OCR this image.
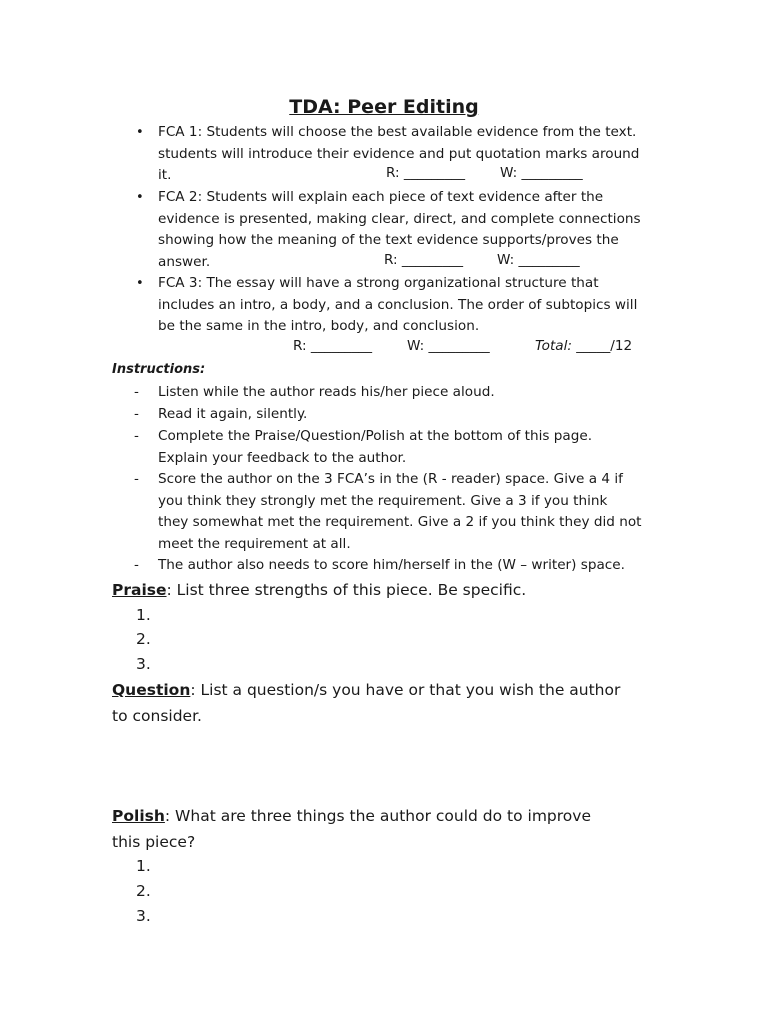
TDA: Peer Editing
• FCA 1: Students will choose the best available evidence from the text.
students will introduce their evidence and put quotation marks around
it.	R: _________	W: _________
• FCA 2: Students will explain each piece of text evidence after the
evidence is presented, making clear, direct, and complete connections
showing how the meaning of the text evidence supports/proves the
answer.	R: _________ W: _________
• FCA 3: The essay will have a strong organizational structure that
includes an intro, a body, and a conclusion. The order of subtopics will
be the same in the intro, body, and conclusion.
R: _________	W: _________	Total: _____/12
Instructions:
- Listen while the author reads his/her piece aloud.
- Read it again, silently.
- Complete the Praise/Question/Polish at the bottom of this page.
Explain your feedback to the author.
- Score the author on the 3 FCA’s in the (R - reader) space. Give a 4 if
you think they strongly met the requirement. Give a 3 if you think
they somewhat met the requirement. Give a 2 if you think they did not
meet the requirement at all.
- The author also needs to score him/herself in the (W – writer) space.
Praise: List three strengths of this piece. Be specific.
1.
2.
3.
Question: List a question/s you have or that you wish the author
to consider.
Polish: What are three things the author could do to improve
this piece?
1.
2.
3.
